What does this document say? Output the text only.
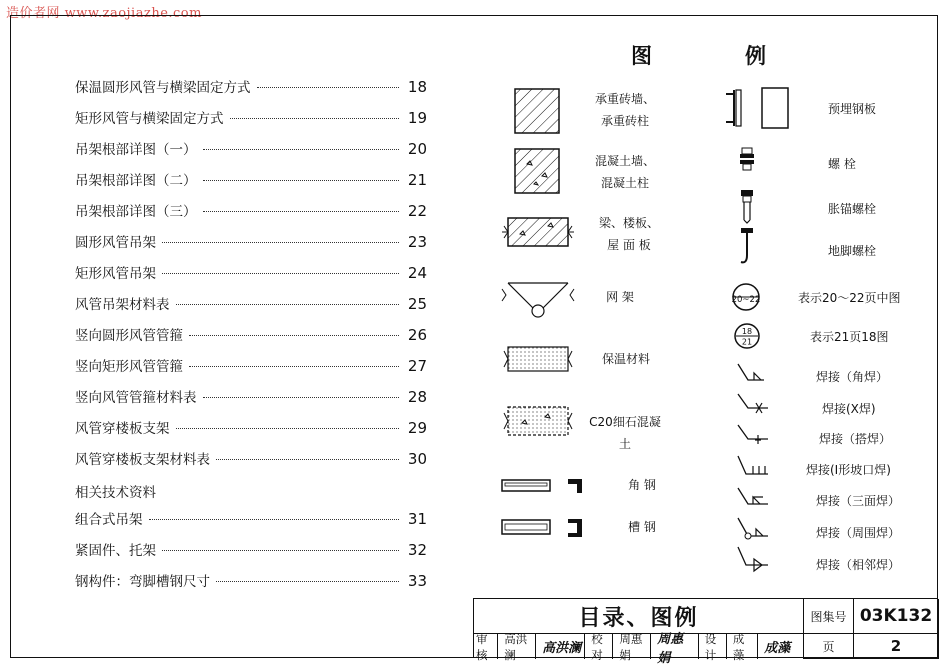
造价者网 www.zaojiazhe.com
保温圆形风管与横梁固定方式	18
矩形风管与横梁固定方式	19
吊架根部详图（一）	20
吊架根部详图（二）	21
吊架根部详图（三）	22
圆形风管吊架	23
矩形风管吊架	24
风管吊架材料表	25
竖向圆形风管管箍	26
竖向矩形风管管箍	27
竖向风管管箍材料表	28
风管穿楼板支架	29
风管穿楼板支架材料表	30
相关技术资料
组合式吊架	31
紧固件、托架	32
钢构件：弯脚槽钢尺寸	33
图	例
承重砖墙、
承重砖柱
混凝土墙、
混凝土柱
梁、楼板、
屋 面 板
网 架
保温材料
C20细石混凝土
角 钢
槽 钢
预埋钢板
螺 栓
胀锚螺栓
地脚螺栓
20~22	表示20～22页中图
18
21	表示21页18图
焊接（角焊）
焊接(X焊)
焊接（搭焊）
焊接(I形坡口焊)
焊接（三面焊）
焊接（周围焊）
焊接（相邻焊）
目录、图例	图集号 03K132
页	2
审核
高洪澜	高洪澜
校对
周惠娟
周惠娟
设计
成 藻	成藻
